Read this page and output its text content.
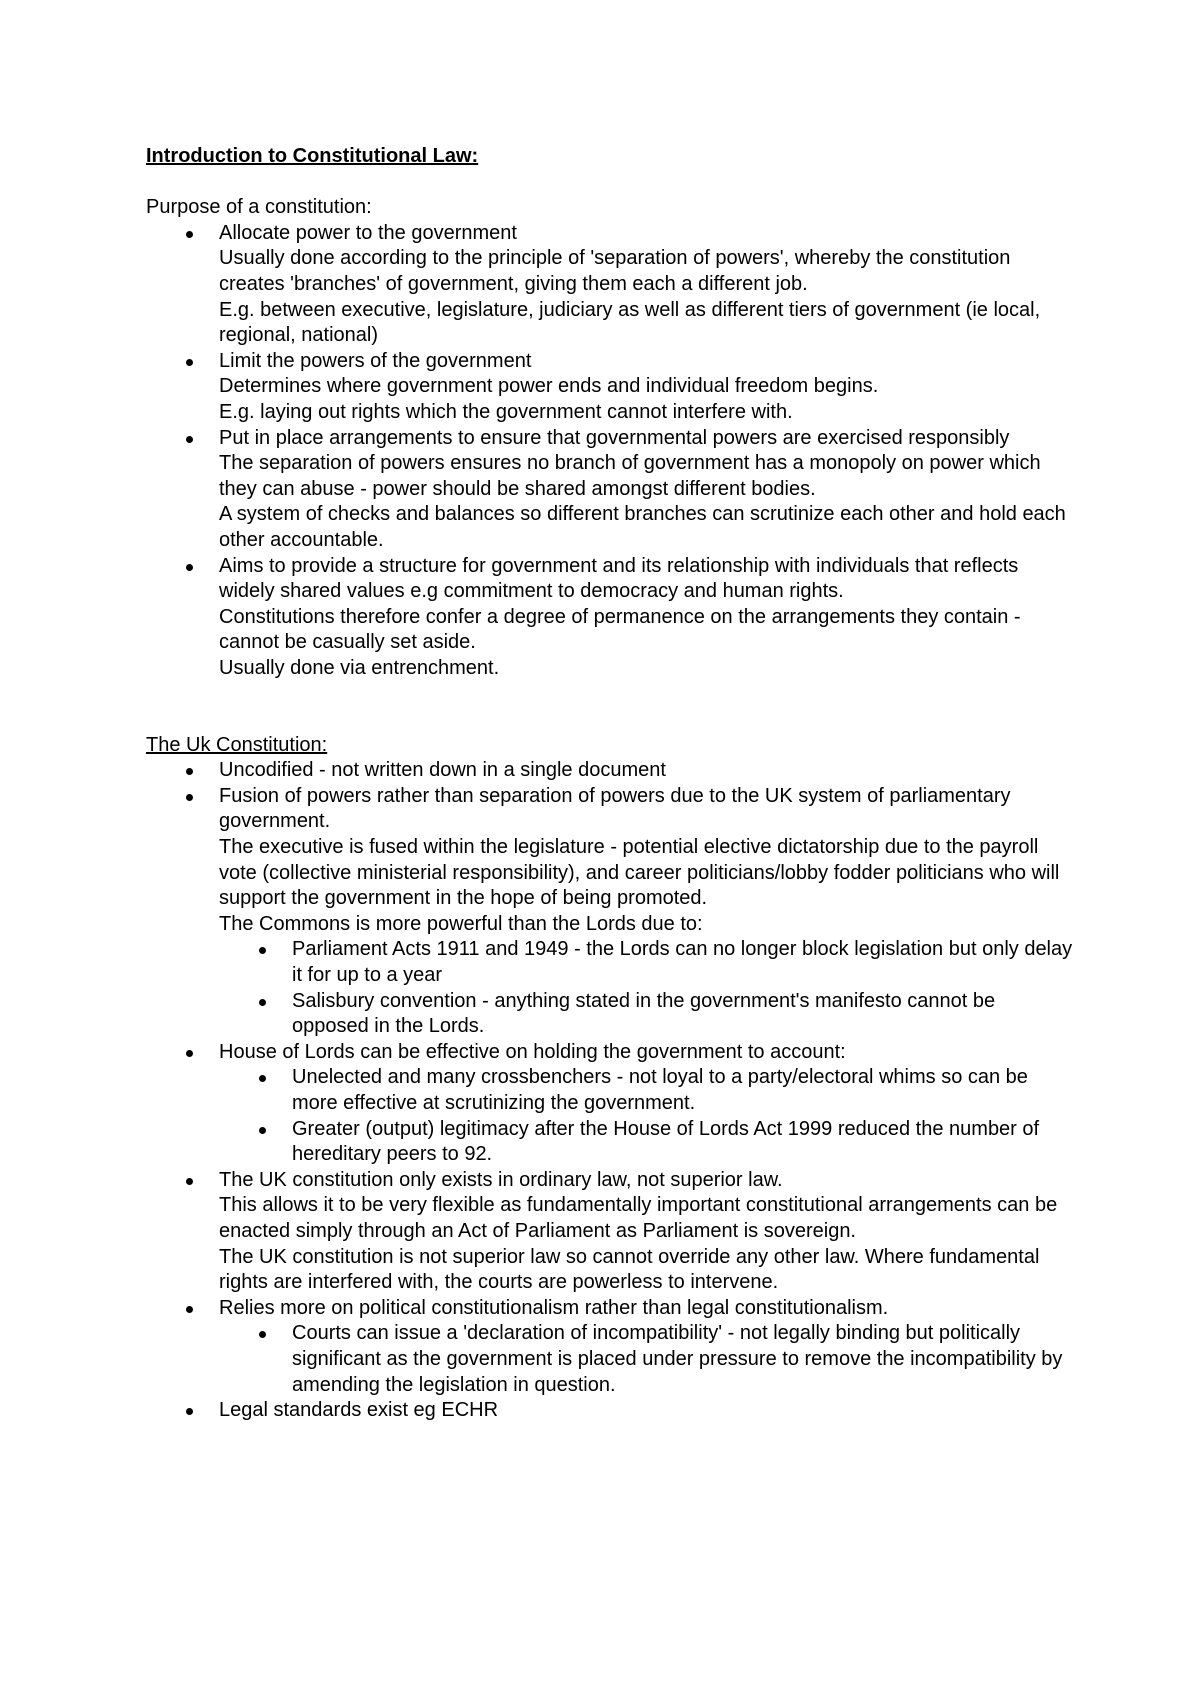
Introduction to Constitutional Law:

Purpose of a constitution:

Allocate power to the government
Usually done according to the principle of 'separation of powers', whereby the constitution creates 'branches' of government, giving them each a different job.
E.g. between executive, legislature, judiciary as well as different tiers of government (ie local, regional, national)
Limit the powers of the government
Determines where government power ends and individual freedom begins.
E.g. laying out rights which the government cannot interfere with.
Put in place arrangements to ensure that governmental powers are exercised responsibly
The separation of powers ensures no branch of government has a monopoly on power which they can abuse - power should be shared amongst different bodies.
A system of checks and balances so different branches can scrutinize each other and hold each other accountable.
Aims to provide a structure for government and its relationship with individuals that reflects widely shared values e.g commitment to democracy and human rights.
Constitutions therefore confer a degree of permanence on the arrangements they contain - cannot be casually set aside.
Usually done via entrenchment.

The Uk Constitution:

Uncodified - not written down in a single document
Fusion of powers rather than separation of powers due to the UK system of parliamentary government.
The executive is fused within the legislature - potential elective dictatorship due to the payroll vote (collective ministerial responsibility), and career politicians/lobby fodder politicians who will support the government in the hope of being promoted.
The Commons is more powerful than the Lords due to:
Parliament Acts 1911 and 1949 - the Lords can no longer block legislation but only delay it for up to a year
Salisbury convention - anything stated in the government's manifesto cannot be opposed in the Lords.
House of Lords can be effective on holding the government to account:
Unelected and many crossbenchers - not loyal to a party/electoral whims so can be more effective at scrutinizing the government.
Greater (output) legitimacy after the House of Lords Act 1999 reduced the number of hereditary peers to 92.
The UK constitution only exists in ordinary law, not superior law.
This allows it to be very flexible as fundamentally important constitutional arrangements can be enacted simply through an Act of Parliament as Parliament is sovereign.
The UK constitution is not superior law so cannot override any other law. Where fundamental rights are interfered with, the courts are powerless to intervene.
Relies more on political constitutionalism rather than legal constitutionalism.
Courts can issue a 'declaration of incompatibility' - not legally binding but politically significant as the government is placed under pressure to remove the incompatibility by amending the legislation in question.
Legal standards exist eg ECHR
